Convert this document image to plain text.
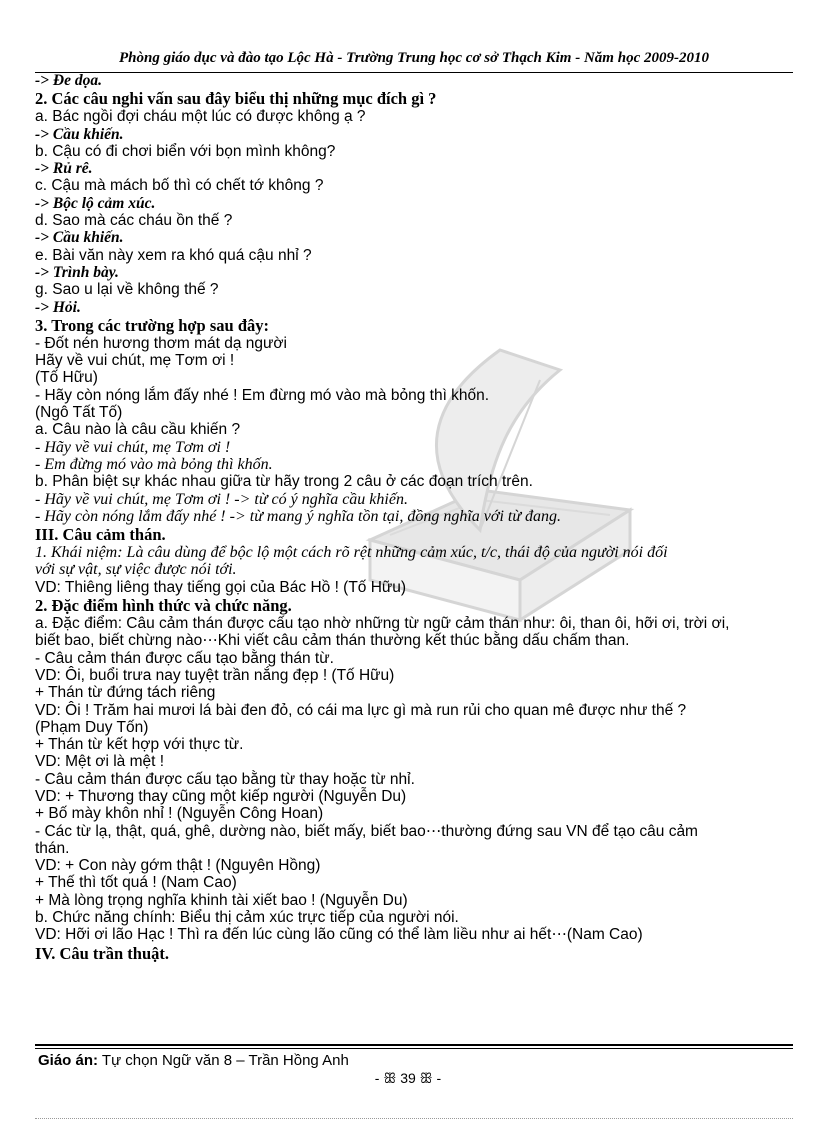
Phòng giáo dục và đào tạo Lộc Hà - Trường Trung học cơ sở Thạch Kim - Năm học 2009-2010
-> Đe dọa.
2. Các câu nghi vấn sau đây biểu thị những mục đích gì ?
a. Bác ngồi đợi cháu một lúc có được không ạ ?
-> Cầu khiến.
b. Cậu có đi chơi biển với bọn mình không?
-> Rủ rê.
c. Cậu mà mách bố thì có chết tớ không ?
-> Bộc lộ cảm xúc.
d. Sao mà các cháu ồn thế ?
-> Cầu khiến.
e. Bài văn này xem ra khó quá cậu nhỉ ?
-> Trình bày.
g. Sao u lại về không thế ?
-> Hỏi.
3. Trong các trường hợp sau đây:
- Đốt nén hương thơm mát dạ người
Hãy về vui chút, mẹ Tơm ơi !
(Tố Hữu)
- Hãy còn nóng lắm đấy nhé ! Em đừng mó vào mà bỏng thì khốn.
(Ngô Tất Tố)
a. Câu nào là câu cầu khiến ?
- Hãy về vui chút, mẹ Tơm ơi !
- Em đừng mó vào mà bỏng thì khốn.
b. Phân biệt sự khác nhau giữa từ hãy trong 2 câu ở các đoạn trích trên.
- Hãy về vui chút, mẹ Tơm ơi ! -> từ có ý nghĩa cầu khiến.
- Hãy còn nóng lắm đấy nhé ! -> từ mang ý nghĩa tồn tại, đồng nghĩa với từ đang.
III. Câu cảm thán.
1. Khái niệm: Là câu dùng để bộc lộ một cách rõ rệt những cảm xúc, t/c, thái độ của người nói đối
với sự vật, sự việc được nói tới.
VD: Thiêng liêng thay tiếng gọi của Bác Hồ ! (Tố Hữu)
2. Đặc điểm hình thức và chức năng.
a. Đặc điểm: Câu cảm thán được cấu tạo nhờ những từ ngữ cảm thán như: ôi, than ôi, hỡi ơi, trời ơi,
biết bao, biết chừng nào⋯Khi viết câu cảm thán thường kết thúc bằng dấu chấm than.
- Câu cảm thán được cấu tạo bằng thán từ.
VD: Ôi, buổi trưa nay tuyệt trần nắng đẹp ! (Tố Hữu)
+ Thán từ đứng tách riêng
VD: Ôi ! Trăm hai mươi lá bài đen đỏ, có cái ma lực gì mà run rủi cho quan mê được như thế ?
(Phạm Duy Tốn)
+ Thán từ kết hợp với thực từ.
VD: Mệt ơi là mệt !
- Câu cảm thán được cấu tạo bằng từ thay hoặc từ nhỉ.
VD: + Thương thay cũng một kiếp người (Nguyễn Du)
+ Bố mày khôn nhỉ ! (Nguyễn Công Hoan)
- Các từ lạ, thật, quá, ghê, dường nào, biết mấy, biết bao⋯thường đứng sau VN để tạo câu cảm
thán.
VD: + Con này gớm thật ! (Nguyên Hồng)
+ Thế thì tốt quá ! (Nam Cao)
+ Mà lòng trọng nghĩa khinh tài xiết bao ! (Nguyễn Du)
b. Chức năng chính: Biểu thị cảm xúc trực tiếp của người nói.
VD: Hỡi ơi lão Hạc ! Thì ra đến lúc cùng lão cũng có thể làm liều như ai hết⋯(Nam Cao)
IV. Câu trần thuật.
Giáo án: Tự chọn Ngữ văn 8 – Trần Hồng Anh
- ꕥ 39 ꕥ -
